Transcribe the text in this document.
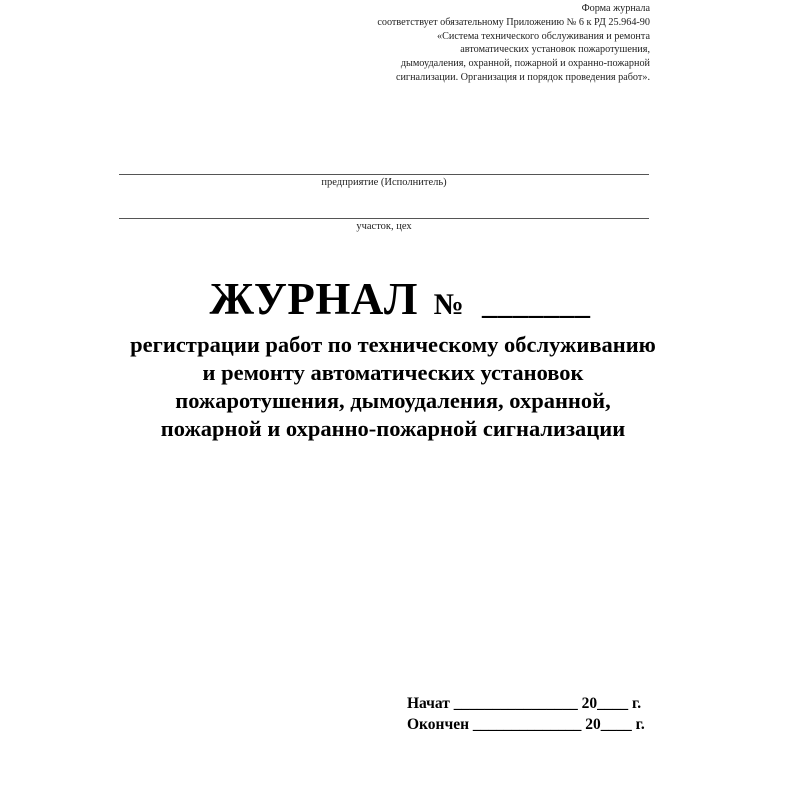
Форма журнала
соответствует обязательному Приложению № 6 к РД 25.964-90
«Система технического обслуживания и ремонта
автоматических установок пожаротушения,
дымоудаления, охранной, пожарной и охранно-пожарной
сигнализации. Организация и порядок проведения работ».
предприятие (Исполнитель)
участок, цех
ЖУРНАЛ № _______
регистрации работ по техническому обслуживанию
и ремонту автоматических установок
пожаротушения, дымоудаления, охранной,
пожарной и охранно-пожарной сигнализации
Начат ________________ 20____ г.
Окончен ______________ 20____ г.
